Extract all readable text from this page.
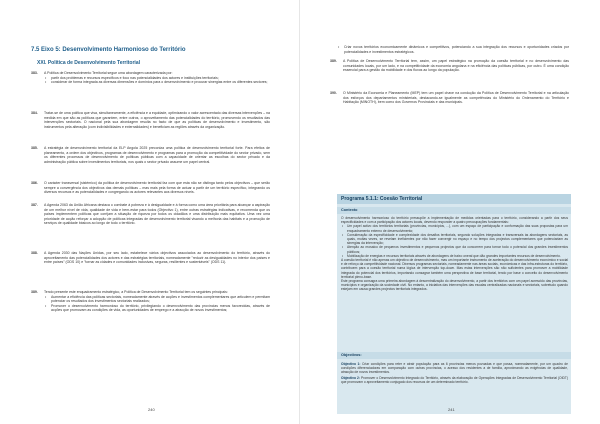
7.5 Eixo 5: Desenvolvimento Harmonioso do Território
XXI. Política de Desenvolvimento Territorial
383. A Política de Desenvolvimento Territorial segue uma abordagem caracterizada por:
• partir dos problemas e recursos específicos e foco nas potencialidades dos actores e instituições territoriais;
• considerar de forma integrada as diversas dimensões e domínios para o desenvolvimento e procurar sinergias entre os diferentes sectores;
384. Tratar-se de uma política que visa, simultaneamente, a eficiência e a equidade, optimizando o valor acrescentado das diversas intervenções – na medida em que são as políticas que garantem, entre outros, o aproveitamento das potencialidades do território, promovendo os resultados das intervenções sectoriais. O nacional pela sua abordagem resulta no facto de que as políticas de desenvolvimento e investimento, são instrumentos pela alteração (com indivisibilidades e externalidades) e beneficiam as regiões através da organização.
385. A estratégia de desenvolvimento territorial da ELP Angola 2025 preconiza uma política de desenvolvimento territorial forte. Para efeitos de planeamento, a ordem dos objectivos, programas de desenvolvimento e programas para a promoção da competitividade do sector privado, sem os diferentes processos de desenvolvimento de políticas públicas com a capacidade de orientar as escolhas do sector privado e da administração pública sobre investimentos territoriais, nos quais o sector privado assume um papel central.
386. O carácter transversal (sistémico) da política de desenvolvimento territorial faz com que esta não se distinga tanto pelos objectivos – que serão sempre a convergência dos objectivos das demais políticas – mas mais pela forma de actuar a partir de um território específico, integrando os diversos recursos e as potencialidades e congregando os actores relevantes aos diversos níveis.
387. A Agenda 2063 da União Africana destaca o combate à pobreza e à desigualdade e à forma como uma área prioritária para alcançar a aspiração de um melhor nível de vida, qualidade de vida e bem-estar para todos (Objectivo 1), entre outras estratégias indicativas, e recomenda que os países implementem políticas que corrijam a situação de riqueza por todos os cidadãos e uma distribuição mais equitativa. Uma vez uma prioridade de acção reforçar a adopção de políticas integradas de desenvolvimento territorial visando a melhoria das habitats e a promoção de serviços de qualidade básicos ao longo de todo o território.
388. A Agenda 2030 das Nações Unidas, por seu lado, estabelece vários objectivos associados ao desenvolvimento do território, através do aproveitamento das potencialidades dos actores e das estratégias territoriais, nomeadamente "reduzir as desigualdades no interior dos países e entre países" (ODS 10) e "tornar as cidades e comunidades inclusivas, seguras, resilientes e sustentáveis" (ODS 11).
389. Tendo presente este enquadramento estratégico, a Política de Desenvolvimento Territorial tem os seguintes principais:
• Aumentar a eficiência das políticas sectoriais, nomeadamente através de acções e investimentos complementares que articulem e permitam potenciar os resultados dos investimentos sectoriais realizados;
• Promover o desenvolvimento harmonioso do território, privilegiando o desenvolvimento das províncias menos favorecidas, através de acções que promovam as condições de vida, as oportunidades de emprego e a atracção de novos investimentos;
240
• Criar novos territórios economicamente dinâmicos e competitivos, potenciando a sua integração dos recursos e oportunidades criados por potencialidades e investimentos estratégicos.
389. A Política de Desenvolvimento Territorial tem, assim, um papel estratégico na promoção da coesão territorial e no desenvolvimento das comunidades locais, por um lado, e na competitividade da economia angolana e na eficiência das políticas públicas, por outro. É uma condição essencial para a gestão da mobilidade e dos fluxos ao longo da população.
390. O Ministério da Economia e Planeamento (MEP) tem um papel chave na condução da Política de Desenvolvimento Territorial e na articulação dos esforços dos departamentos ministeriais, destacando-se igualmente as competências do Ministério do Ordenamento do Território e Habitação (MINOTH), bem como dos Governos Provinciais e das municipais.
Programa 5.1.1: Coesão Territorial
Contexto
O desenvolvimento harmonioso do território pressupõe a implementação de medidas orientadas para o território, considerando a partir dos seus especificidades e com a participação dos actores locais, devendo responder a quatro preocupações fundamentais:
• Um papel activo dos territórios territoriais (províncias, municípios, ...), com um espaço de participação e conformação das suas propostas para um enquadramento externo de desenvolvimento;
• Consideração da especificidade e complexidade dos desafios territoriais, segundo soluções integradas e transversais às abordagens sectoriais, as quais, muitas vezes, se revelam ineficientes por não fazer convergir no espaço e no tempo dos projectos complementares que potenciariam as sinergias da intervenção;
• Atenção ao mosaico de pequenos investimentos e pequenos projectos que da concorrem para tornar todo o potencial dos grandes investimentos públicos;
• Mobilização de energias e recursos territoriais através de abordagens de baixo oneral que dão grandes importantes recursos de desenvolvimento.
A coesão territorial é não apenas um objectivo de desenvolvimento, mas um importante instrumento de aceleração do desenvolvimento económico e social e de reforço da competitividade nacional. Diversos programas sectoriais, nomeadamente nas áreas sociais, económicas e das infra-estruturas do território, contribuem para a coesão territorial numa lógica de intervenção top-down. Mas estas intervenções são não suficientes para promover a mobilidade integrada do potencial dos territórios, importando consagrar também uma perspectiva de base territorial, tendo por base o conceito do desenvolvimento territorial pleno-base.
Este programa consagra uma primeira abordagem à descentralização do desenvolvimento, a partir dos territórios com um papel acrescido das províncias, municípios e organização da sociedade civil. No entanto, a iniciativa das intervenções das escalas centralizadas nacionais e sectoriais, sobretudo quando estejam em causa grandes projectos territoriais integrados.
Objectivos:
Objectivo 1: Criar condições para reter e atrair população para as 6 províncias menos povoadas e que possa, nomeadamente, por um quadro de condições diferenciadoras em comparação com outras províncias, o acesso dos residentes a de família, aproximando as exigências de qualidade, atracção de novos investimentos.
Objectivo 2: Promover o Desenvolvimento Integrado do Território, através da elaboração de Operações Integradas de Desenvolvimento Territorial (OIDT) que promovam o aproveitamento conjugado dos recursos de um determinado território.
241
